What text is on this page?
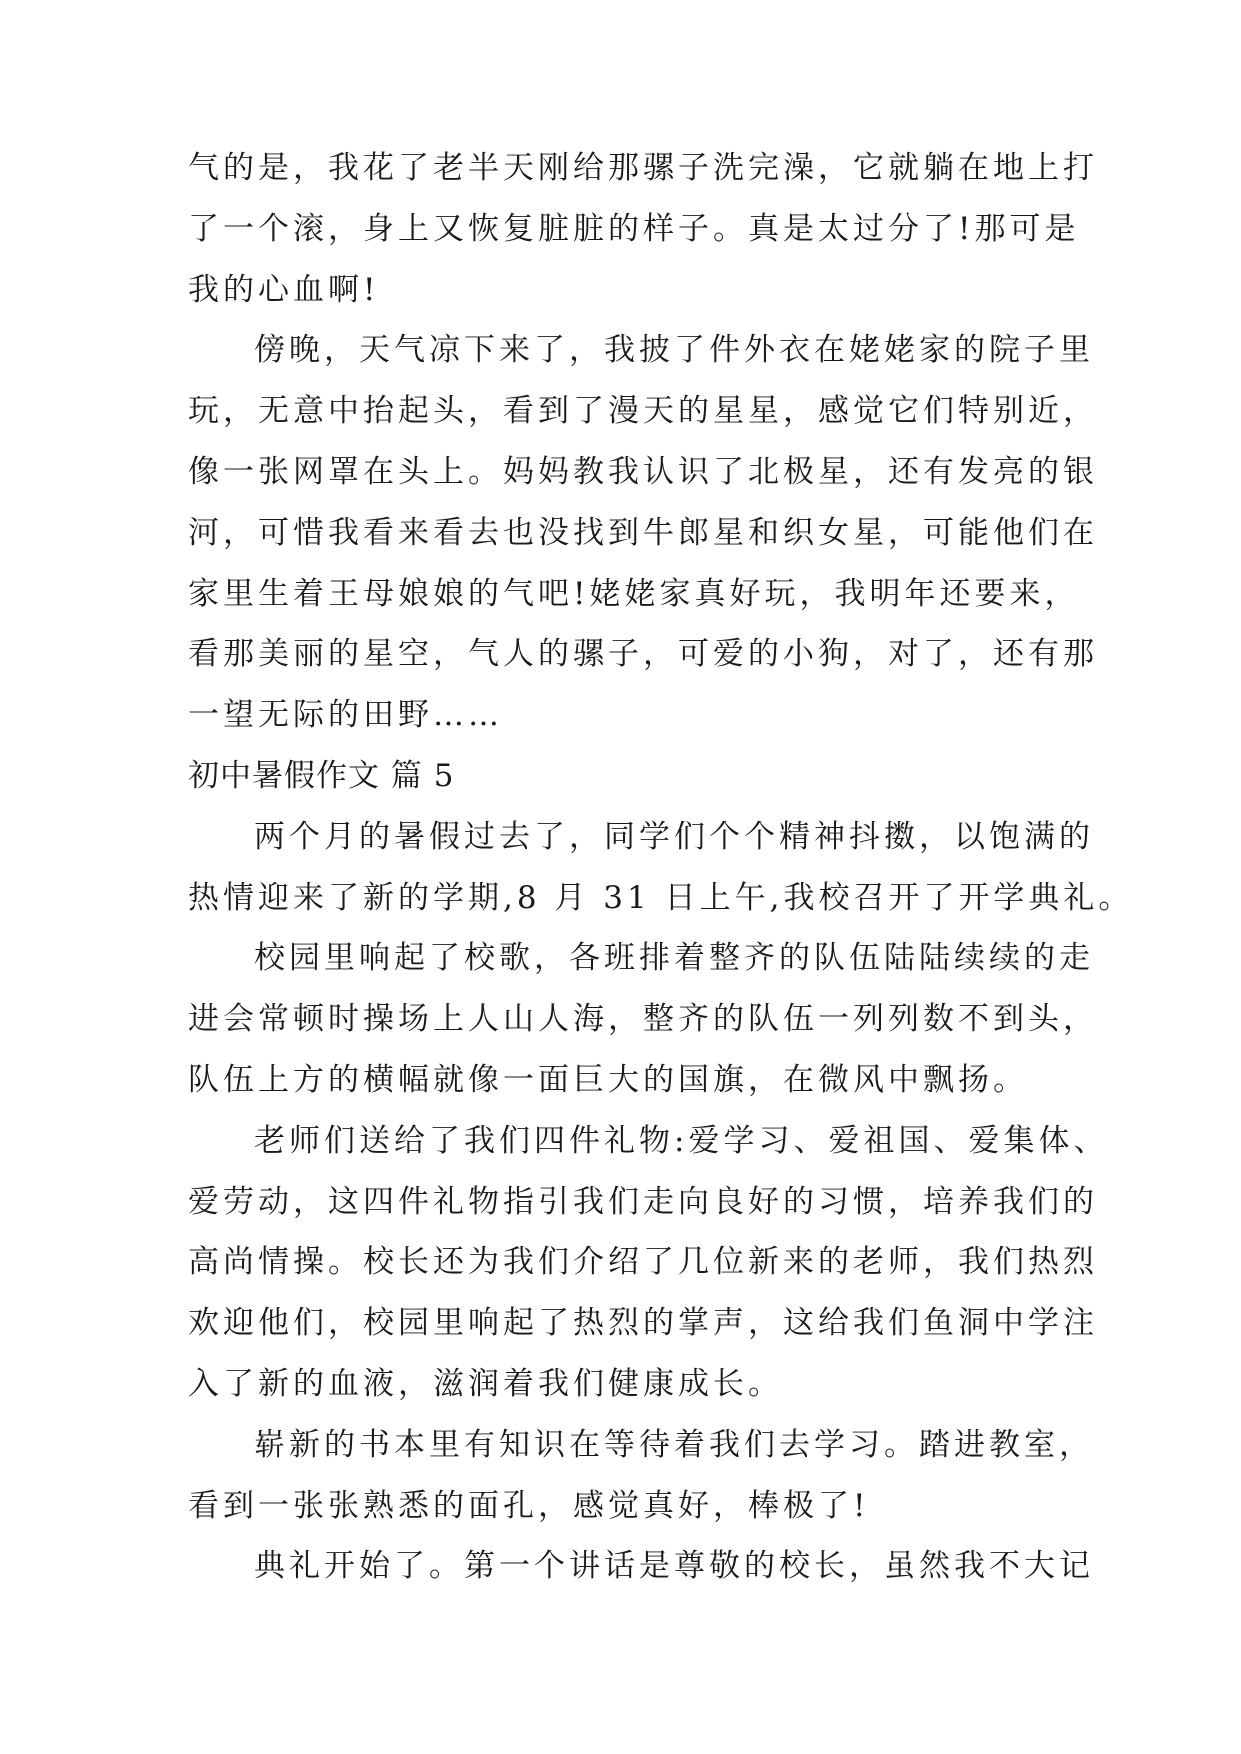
气的是，我花了老半天刚给那骡子洗完澡，它就躺在地上打
了一个滚，身上又恢复脏脏的样子。真是太过分了!那可是
我的心血啊!
傍晚，天气凉下来了，我披了件外衣在姥姥家的院子里
玩，无意中抬起头，看到了漫天的星星，感觉它们特别近，
像一张网罩在头上。妈妈教我认识了北极星，还有发亮的银
河，可惜我看来看去也没找到牛郎星和织女星，可能他们在
家里生着王母娘娘的气吧!姥姥家真好玩，我明年还要来，
看那美丽的星空，气人的骡子，可爱的小狗，对了，还有那
一望无际的田野……
初中暑假作文 篇 5
两个月的暑假过去了，同学们个个精神抖擞，以饱满的
热情迎来了新的学期,8 月 31 日上午,我校召开了开学典礼。
校园里响起了校歌，各班排着整齐的队伍陆陆续续的走
进会常顿时操场上人山人海，整齐的队伍一列列数不到头，
队伍上方的横幅就像一面巨大的国旗，在微风中飘扬。
老师们送给了我们四件礼物:爱学习、爱祖国、爱集体、
爱劳动，这四件礼物指引我们走向良好的习惯，培养我们的
高尚情操。校长还为我们介绍了几位新来的老师，我们热烈
欢迎他们，校园里响起了热烈的掌声，这给我们鱼洞中学注
入了新的血液，滋润着我们健康成长。
崭新的书本里有知识在等待着我们去学习。踏进教室，
看到一张张熟悉的面孔，感觉真好，棒极了!
典礼开始了。第一个讲话是尊敬的校长，虽然我不大记
